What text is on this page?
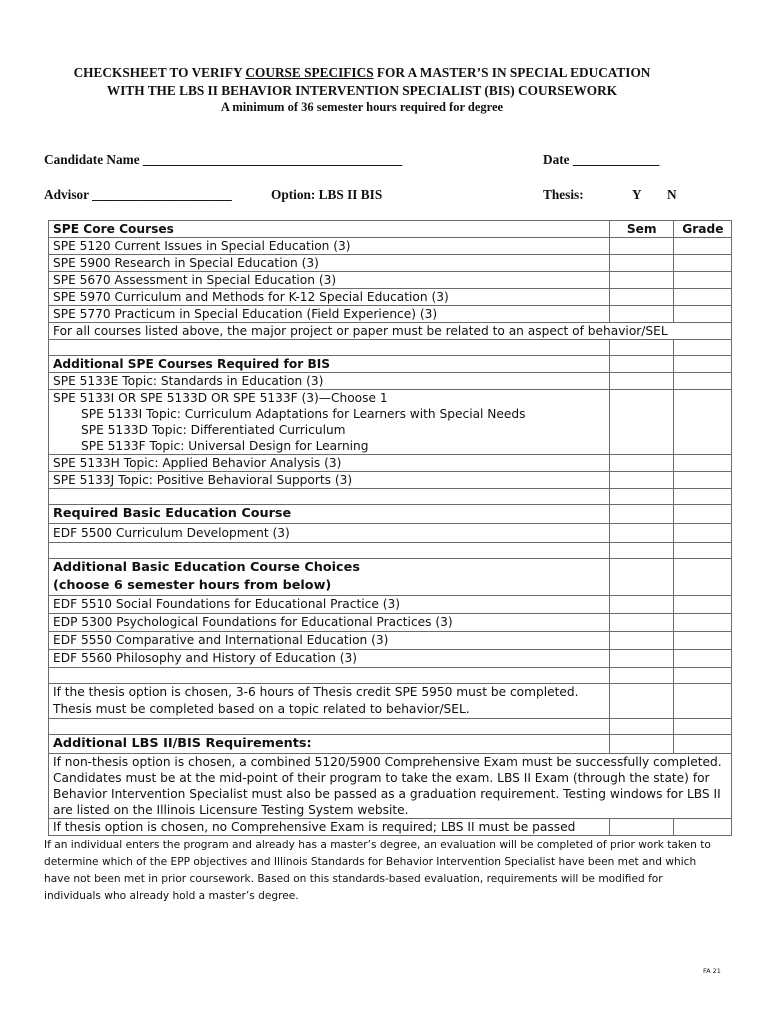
CHECKSHEET TO VERIFY COURSE SPECIFICS FOR A MASTER’S IN SPECIAL EDUCATION
WITH THE LBS II BEHAVIOR INTERVENTION SPECIALIST (BIS) COURSEWORK
A minimum of 36 semester hours required for degree
Candidate Name _______________________________________	Date _____________
Advisor _____________________	Option: LBS II BIS	Thesis:	Y N
SPE Core Courses	Sem	Grade
SPE 5120 Current Issues in Special Education (3)		
SPE 5900 Research in Special Education (3)		
SPE 5670 Assessment in Special Education (3)		
SPE 5970 Curriculum and Methods for K-12 Special Education (3)		
SPE 5770 Practicum in Special Education (Field Experience) (3)		
For all courses listed above, the major project or paper must be related to an aspect of behavior/SEL		

Additional SPE Courses Required for BIS		
SPE 5133E Topic: Standards in Education (3)		
SPE 5133I OR SPE 5133D OR SPE 5133F (3)—Choose 1
SPE 5133I Topic: Curriculum Adaptations for Learners with Special Needs
SPE 5133D Topic: Differentiated Curriculum
SPE 5133F Topic: Universal Design for Learning		

SPE 5133H Topic: Applied Behavior Analysis (3)		
SPE 5133J Topic: Positive Behavioral Supports (3)		

Required Basic Education Course		
EDF 5500 Curriculum Development (3)		

Additional Basic Education Course Choices
(choose 6 semester hours from below)		

EDF 5510 Social Foundations for Educational Practice (3)		
EDP 5300 Psychological Foundations for Educational Practices (3)		
EDF 5550 Comparative and International Education (3)		
EDF 5560 Philosophy and History of Education (3)		

If the thesis option is chosen, 3-6 hours of Thesis credit SPE 5950 must be completed.
Thesis must be completed based on a topic related to behavior/SEL.		

Additional LBS II/BIS Requirements:		
If non-thesis option is chosen, a combined 5120/5900 Comprehensive Exam must be successfully completed. Candidates must be at the mid-point of their program to take the exam. LBS II Exam (through the state) for Behavior Intervention Specialist must also be passed as a graduation requirement. Testing windows for LBS II are listed on the Illinois Licensure Testing System website.		
If thesis option is chosen, no Comprehensive Exam is required; LBS II must be passed		
If an individual enters the program and already has a master’s degree, an evaluation will be completed of prior work taken to determine which of the EPP objectives and Illinois Standards for Behavior Intervention Specialist have been met and which have not been met in prior coursework. Based on this standards-based evaluation, requirements will be modified for individuals who already hold a master’s degree.
FA 21
